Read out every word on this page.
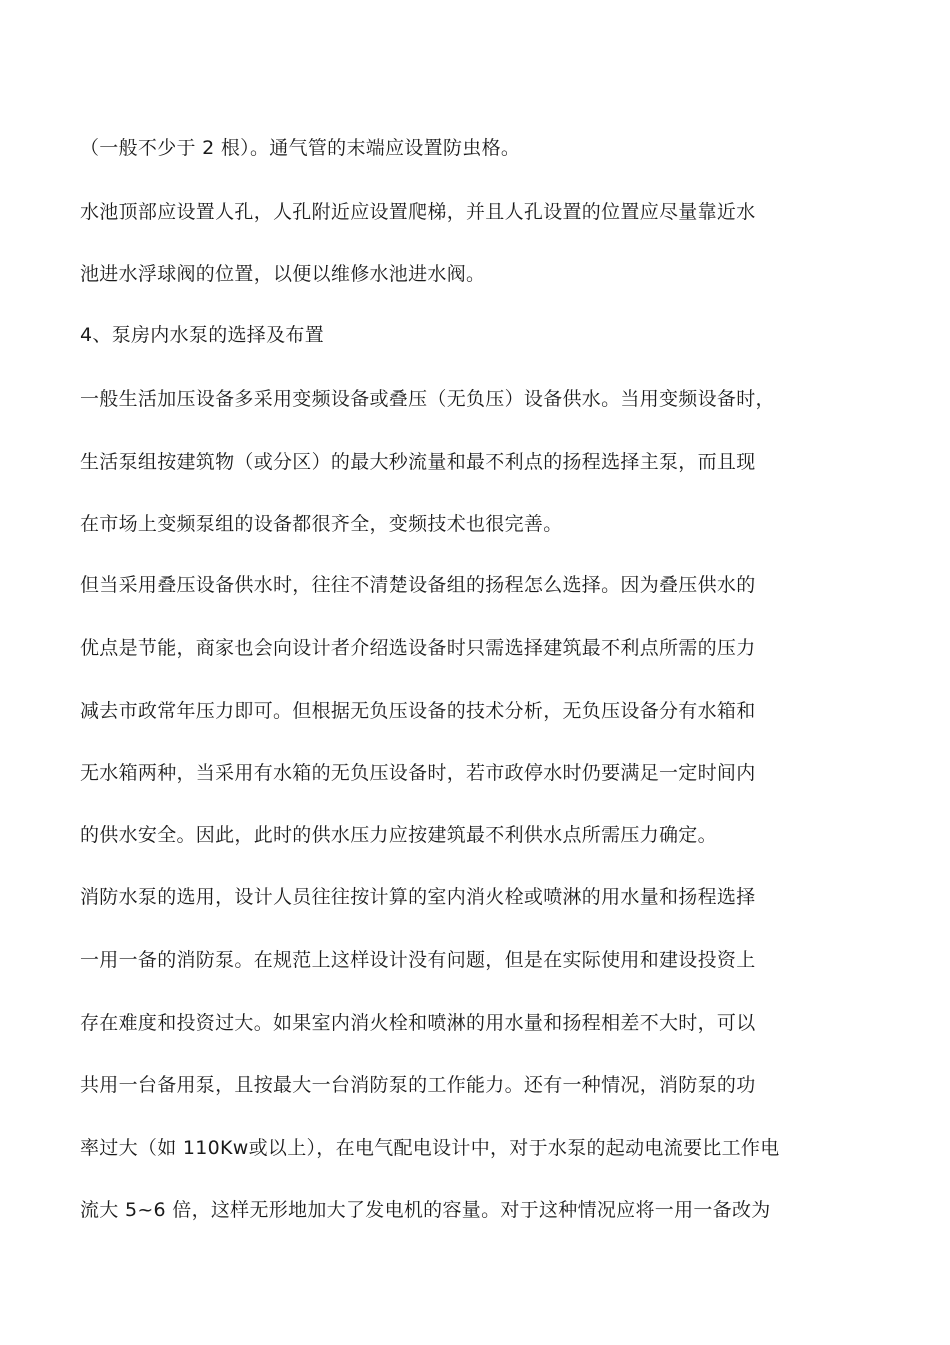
（一般不少于 2 根）。通气管的末端应设置防虫格。
水池顶部应设置人孔，人孔附近应设置爬梯，并且人孔设置的位置应尽量靠近水
池进水浮球阀的位置，以便以维修水池进水阀。
4、泵房内水泵的选择及布置
一般生活加压设备多采用变频设备或叠压（无负压）设备供水。当用变频设备时，
生活泵组按建筑物（或分区）的最大秒流量和最不利点的扬程选择主泵，而且现
在市场上变频泵组的设备都很齐全，变频技术也很完善。
但当采用叠压设备供水时，往往不清楚设备组的扬程怎么选择。因为叠压供水的
优点是节能，商家也会向设计者介绍选设备时只需选择建筑最不利点所需的压力
减去市政常年压力即可。但根据无负压设备的技术分析，无负压设备分有水箱和
无水箱两种，当采用有水箱的无负压设备时，若市政停水时仍要满足一定时间内
的供水安全。因此，此时的供水压力应按建筑最不利供水点所需压力确定。
消防水泵的选用，设计人员往往按计算的室内消火栓或喷淋的用水量和扬程选择
一用一备的消防泵。在规范上这样设计没有问题，但是在实际使用和建设投资上
存在难度和投资过大。如果室内消火栓和喷淋的用水量和扬程相差不大时，可以
共用一台备用泵，且按最大一台消防泵的工作能力。还有一种情况，消防泵的功
率过大（如 110Kw或以上），在电气配电设计中，对于水泵的起动电流要比工作电
流大 5~6 倍，这样无形地加大了发电机的容量。对于这种情况应将一用一备改为
